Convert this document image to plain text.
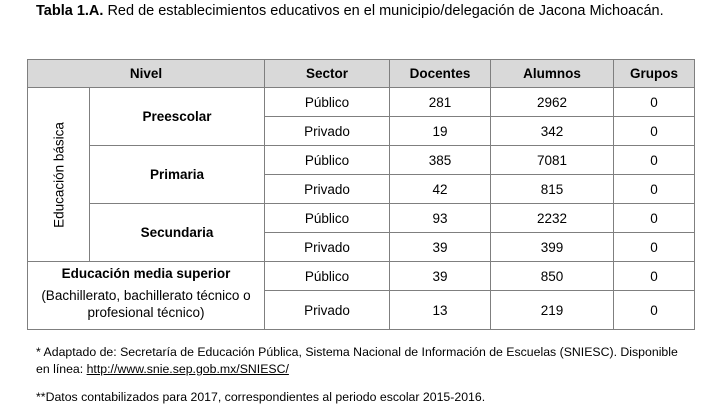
Tabla 1.A. Red de establecimientos educativos en el municipio/delegación de Jacona Michoacán.
Nivel		Sector	Docentes	Alumnos	Grupos

Educación básica	Preescolar	Público	281	2962	0
		Privado	19	342	0
	Primaria	Público	385	7081	0
		Privado	42	815	0
	Secundaria	Público	93	2232	0
		Privado	39	399	0

Educación media superior
(Bachillerato, bachillerato técnico o profesional técnico)		Público	39	850	0
		Privado	13	219	0

* Adaptado de: Secretaría de Educación Pública, Sistema Nacional de Información de Escuelas (SNIESC). Disponible en línea: http://www.snie.sep.gob.mx/SNIESC/

**Datos contabilizados para 2017, correspondientes al periodo escolar 2015-2016.
